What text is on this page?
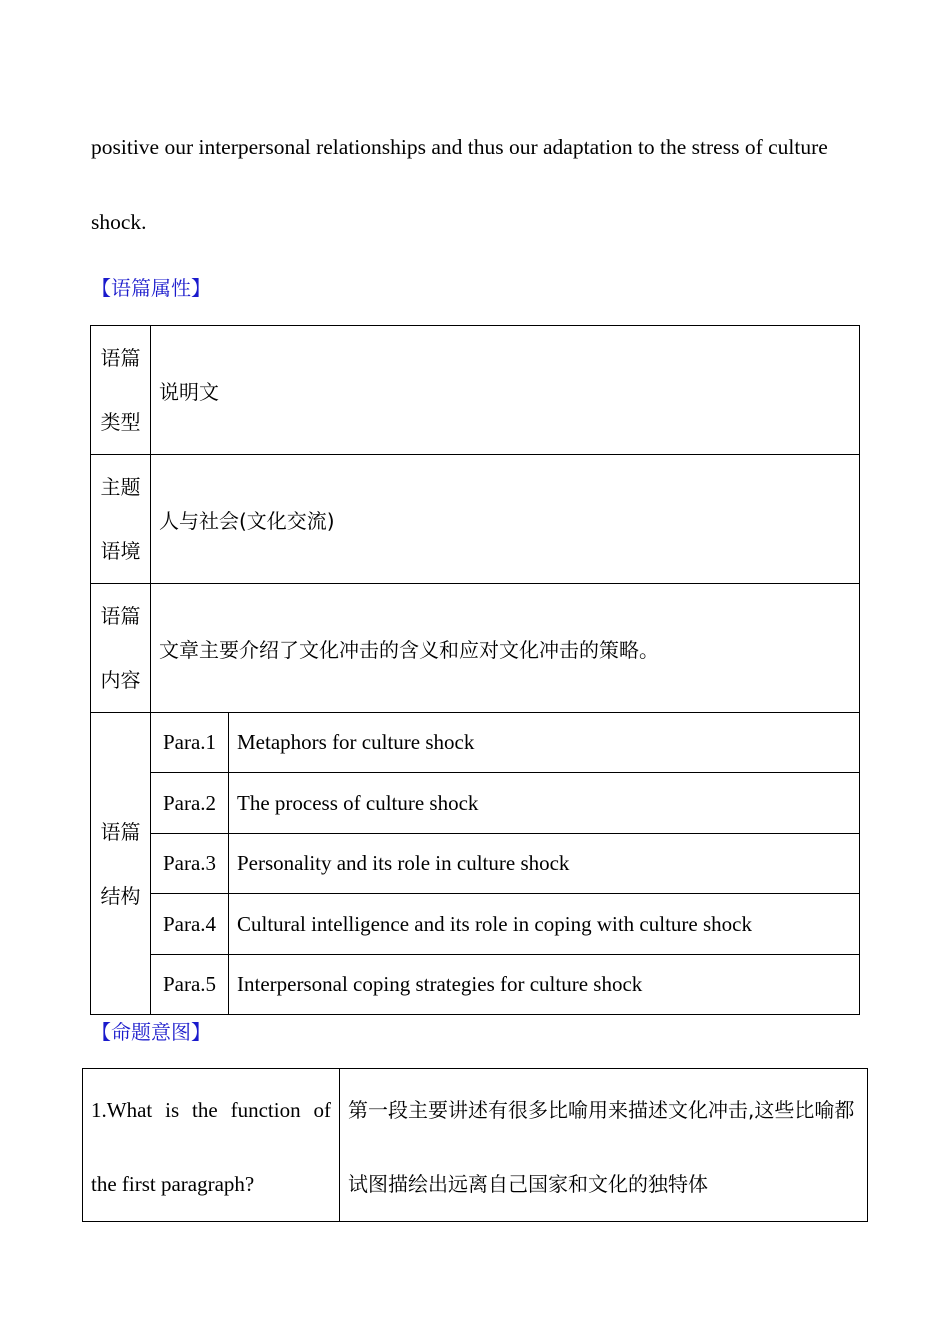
positive our interpersonal relationships and thus our adaptation to the stress of culture

shock.

【语篇属性】

语篇
类型	说明文	

主题
语境	人与社会(文化交流)	

语篇
内容	文章主要介绍了文化冲击的含义和应对文化冲击的策略。	

语篇
结构	Para.1	Metaphors for culture shock
	Para.2	The process of culture shock
	Para.3	Personality and its role in culture shock
	Para.4	Cultural intelligence and its role in coping with culture shock
	Para.5	Interpersonal coping strategies for culture shock

【命题意图】

1.What is the function of the first paragraph?	第一段主要讲述有很多比喻用来描述文化冲击,这些比喻都试图描绘出远离自己国家和文化的独特体
